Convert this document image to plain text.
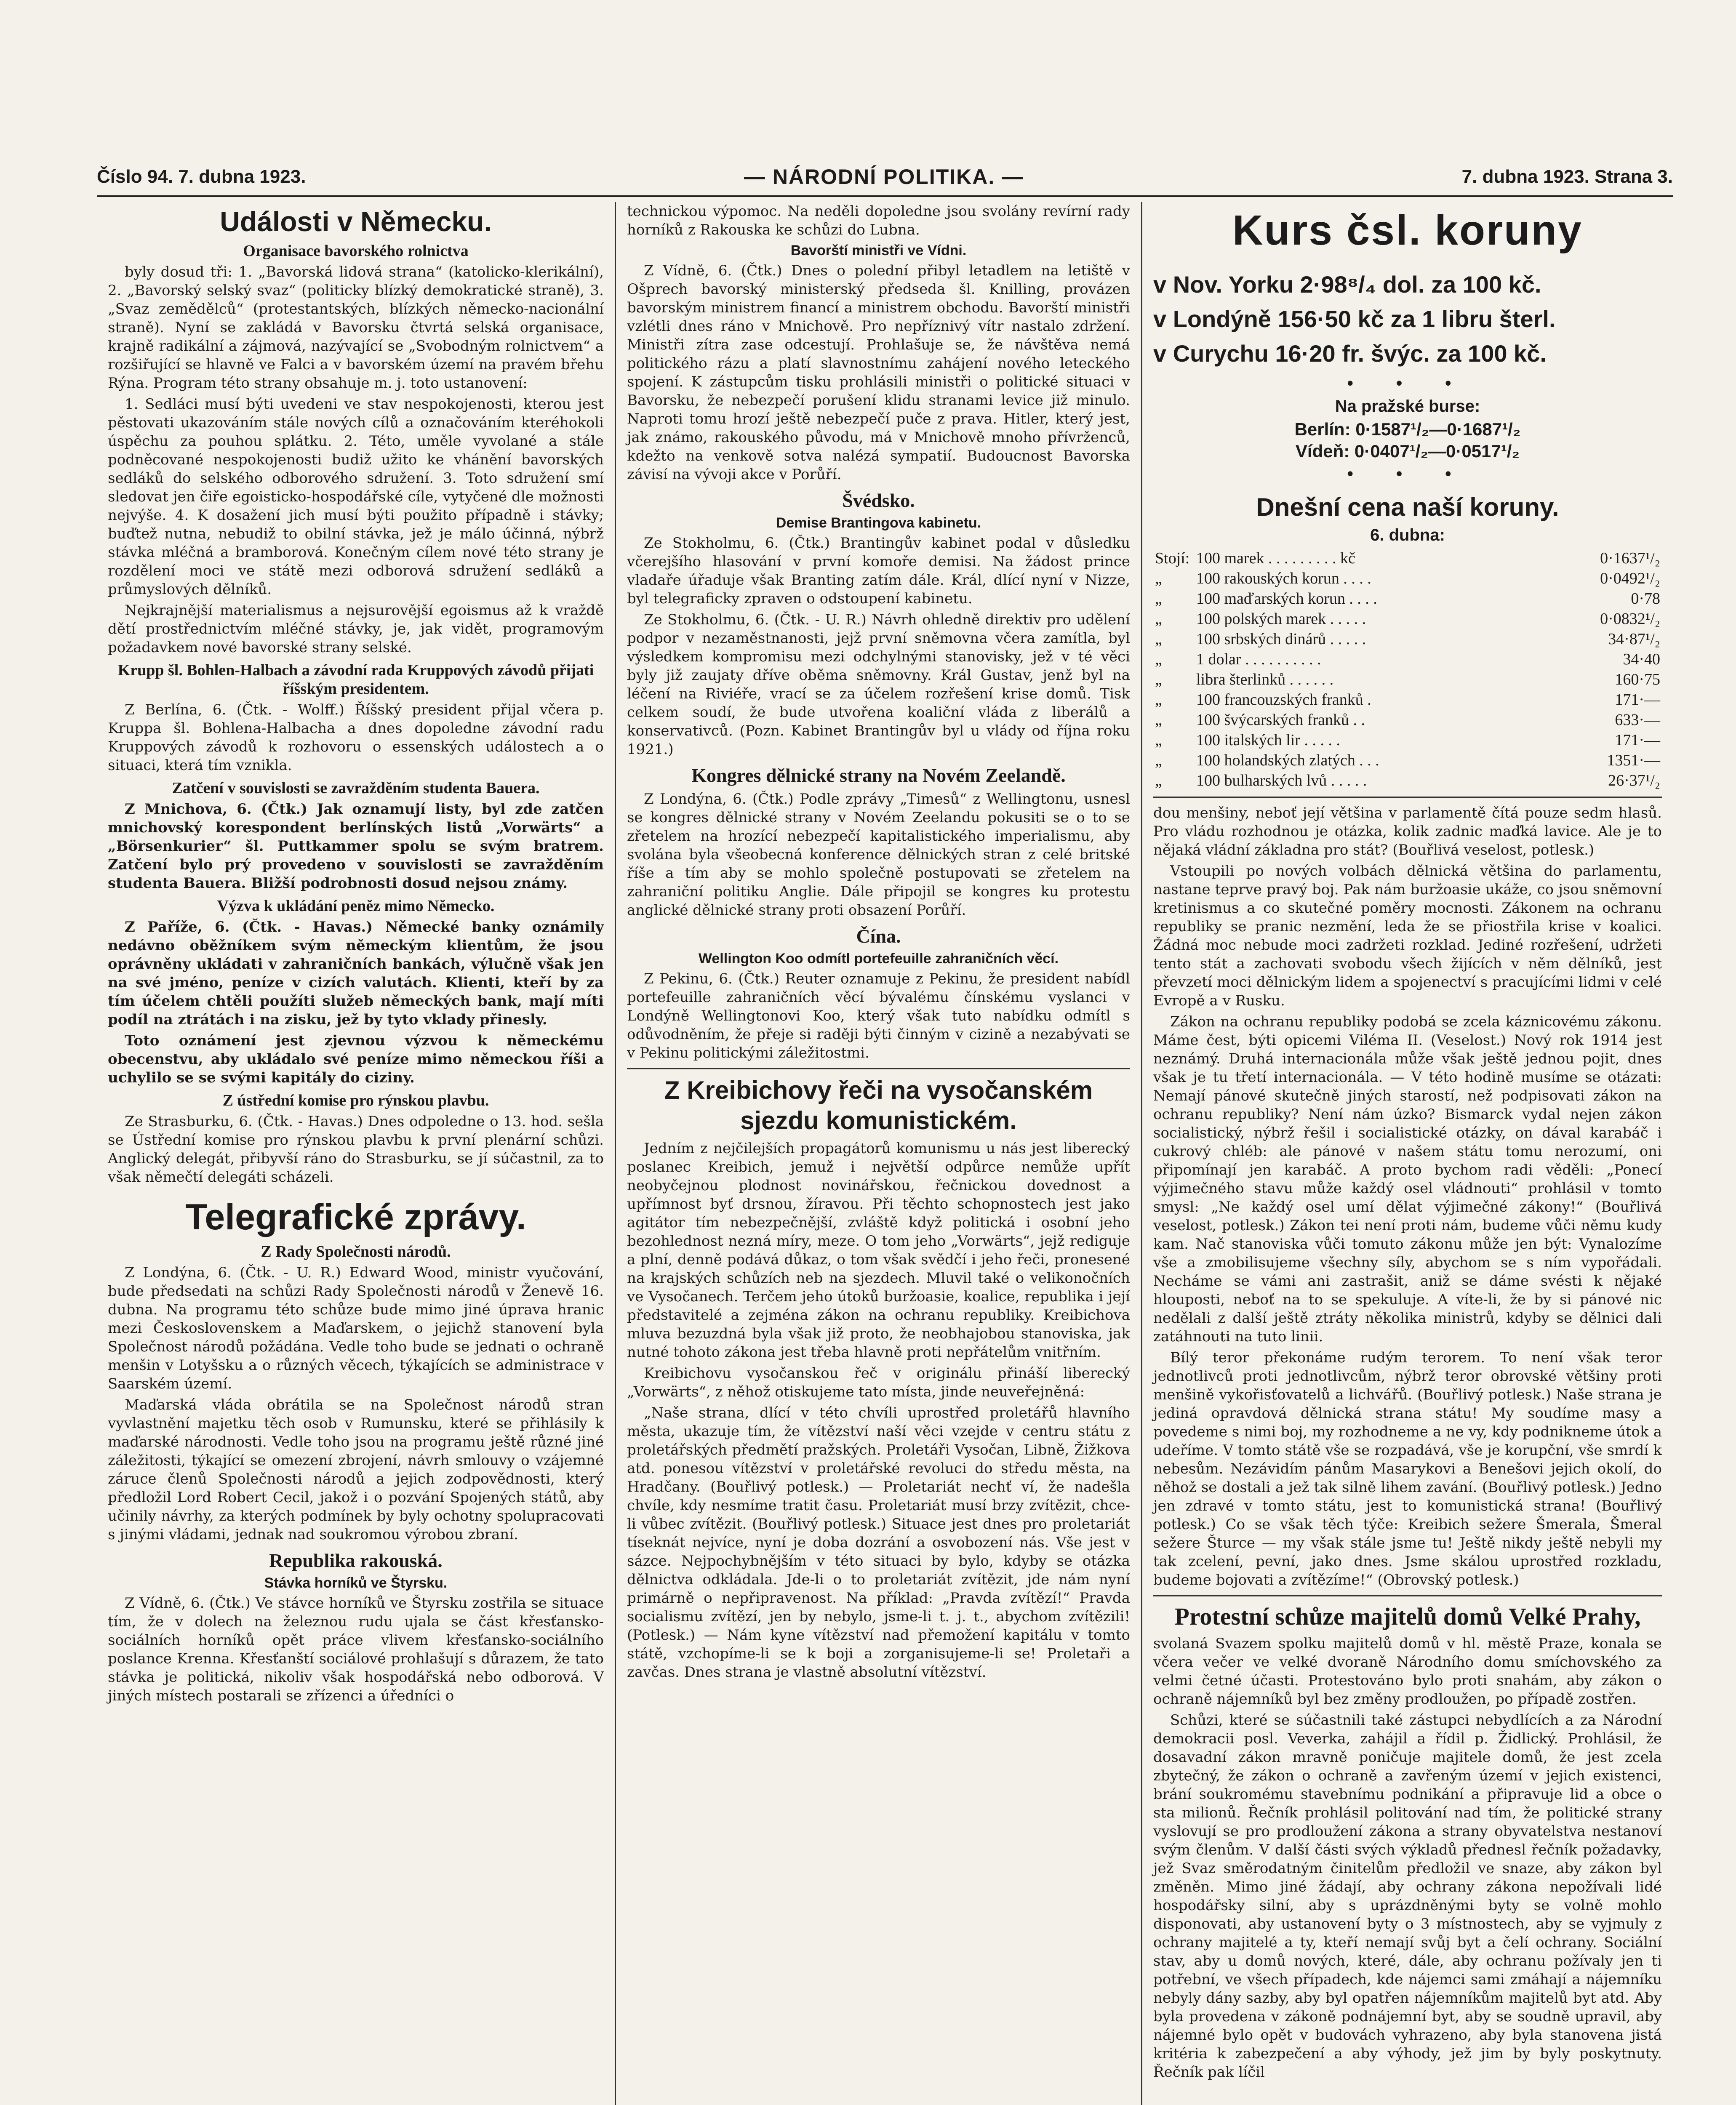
Číslo 94. 7. dubna 1923.	— NÁRODNÍ POLITIKA. —	7. dubna 1923. Strana 3.
Události v Německu.
Organisace bavorského rolnictva

byly dosud tři: 1. „Bavorská lidová strana“ (katolicko-klerikální), 2. „Bavorský selský svaz“ (politicky blízký demokratické straně), 3. „Svaz zemědělců“ (protestantských, blízkých německo-nacionální straně). Nyní se zakládá v Bavorsku čtvrtá selská organisace, krajně radikální a zájmová, nazývající se „Svobodným rolnictvem“ a rozšiřující se hlavně ve Falci a v bavorském území na pravém břehu Rýna. Program této strany obsahuje m. j. toto ustanovení:

1. Sedláci musí býti uvedeni ve stav nespokojenosti, kterou jest pěstovati ukazováním stále nových cílů a označováním kteréhokoli úspěchu za pouhou splátku. 2. Této, uměle vyvolané a stále podněcované nespokojenosti budiž užito ke vhánění bavorských sedláků do selského odborového sdružení. 3. Toto sdružení smí sledovat jen čiře egoisticko-hospodářské cíle, vytyčené dle možnosti nejvýše. 4. K dosažení jich musí býti použito případně i stávky; buďtež nutna, nebudiž to obilní stávka, jež je málo účinná, nýbrž stávka mléčná a bramborová. Konečným cílem nové této strany je rozdělení moci ve státě mezi odborová sdružení sedláků a průmyslových dělníků.

Nejkrajnější materialismus a nejsurovější egoismus až k vraždě dětí prostřednictvím mléčné stávky, je, jak vidět, programovým požadavkem nové bavorské strany selské.

Krupp šl. Bohlen-Halbach a závodní rada Kruppových závodů přijati říšským presidentem.

Z Berlína, 6. (Čtk. - Wolff.) Říšský president přijal včera p. Kruppa šl. Bohlena-Halbacha a dnes dopoledne závodní radu Kruppových závodů k rozhovoru o essenských událostech a o situaci, která tím vznikla.

Zatčení v souvislosti se zavražděním studenta Bauera.

Z Mnichova, 6. (Čtk.) Jak oznamují listy, byl zde zatčen mnichovský korespondent berlínských listů „Vorwärts“ a „Börsenkurier“ šl. Puttkammer spolu se svým bratrem. Zatčení bylo prý provedeno v souvislosti se zavražděním studenta Bauera. Bližší podrobnosti dosud nejsou známy.

Výzva k ukládání peněz mimo Německo.

Z Paříže, 6. (Čtk. - Havas.) Německé banky oznámily nedávno oběžníkem svým německým klientům, že jsou oprávněny ukládati v zahraničních bankách, výlučně však jen na své jméno, peníze v cizích valutách. Klienti, kteří by za tím účelem chtěli použíti služeb německých bank, mají míti podíl na ztrátách i na zisku, jež by tyto vklady přinesly.

Toto oznámení jest zjevnou výzvou k německému obecenstvu, aby ukládalo své peníze mimo německou říši a uchylilo se se svými kapitály do ciziny.

Z ústřední komise pro rýnskou plavbu.

Ze Strasburku, 6. (Čtk. - Havas.) Dnes odpoledne o 13. hod. sešla se Ústřední komise pro rýnskou plavbu k první plenární schůzi. Anglický delegát, přibyvší ráno do Strasburku, se jí súčastnil, za to však němečtí delegáti scházeli.

Telegrafické zprávy.
Z Rady Společnosti národů.

Z Londýna, 6. (Čtk. - U. R.) Edward Wood, ministr vyučování, bude předsedati na schůzi Rady Společnosti národů v Ženevě 16. dubna. Na programu této schůze bude mimo jiné úprava hranic mezi Československem a Maďarskem, o jejichž stanovení byla Společnost národů požádána. Vedle toho bude se jednati o ochraně menšin v Lotyšsku a o různých věcech, týkajících se administrace v Saarském území.

Maďarská vláda obrátila se na Společnost národů stran vyvlastnění majetku těch osob v Rumunsku, které se přihlásily k maďarské národnosti. Vedle toho jsou na programu ještě různé jiné záležitosti, týkající se omezení zbrojení, návrh smlouvy o vzájemné záruce členů Společnosti národů a jejich zodpovědnosti, který předložil Lord Robert Cecil, jakož i o pozvání Spojených států, aby učinily návrhy, za kterých podmínek by byly ochotny spolupracovati s jinými vládami, jednak nad soukromou výrobou zbraní.

Republika rakouská.
Stávka horníků ve Štyrsku.

Z Vídně, 6. (Čtk.) Ve stávce horníků ve Štyrsku zostřila se situace tím, že v dolech na železnou rudu ujala se část křesťansko-sociálních horníků opět práce vlivem křesťansko-sociálního poslance Krenna. Křesťanští sociálové prohlašují s důrazem, že tato stávka je politická, nikoliv však hospodářská nebo odborová. V jiných místech postarali se zřízenci a úředníci o

technickou výpomoc. Na neděli dopoledne jsou svolány revírní rady horníků z Rakouska ke schůzi do Lubna.

Bavorští ministři ve Vídni.

Z Vídně, 6. (Čtk.) Dnes o polední přibyl letadlem na letiště v Ošprech bavorský ministerský předseda šl. Knilling, provázen bavorským ministrem financí a ministrem obchodu. Bavorští ministři vzlétli dnes ráno v Mnichově. Pro nepříznivý vítr nastalo zdržení. Ministři zítra zase odcestují. Prohlašuje se, že návštěva nemá politického rázu a platí slavnostnímu zahájení nového leteckého spojení. K zástupcům tisku prohlásili ministři o politické situaci v Bavorsku, že nebezpečí porušení klidu stranami levice již minulo. Naproti tomu hrozí ještě nebezpečí puče z prava. Hitler, který jest, jak známo, rakouského původu, má v Mnichově mnoho přívrženců, kdežto na venkově sotva nalézá sympatií. Budoucnost Bavorska závisí na vývoji akce v Porůří.

Švédsko.
Demise Brantingova kabinetu.

Ze Stokholmu, 6. (Čtk.) Brantingův kabinet podal v důsledku včerejšího hlasování v první komoře demisi. Na žádost prince vladaře úřaduje však Branting zatím dále. Král, dlící nyní v Nizze, byl telegraficky zpraven o odstoupení kabinetu.

Ze Stokholmu, 6. (Čtk. - U. R.) Návrh ohledně direktiv pro udělení podpor v nezaměstnanosti, jejž první sněmovna včera zamítla, byl výsledkem kompromisu mezi odchylnými stanovisky, jež v té věci byly již zaujaty dříve oběma sněmovny. Král Gustav, jenž byl na léčení na Riviéře, vrací se za účelem rozřešení krise domů. Tisk celkem soudí, že bude utvořena koaliční vláda z liberálů a konservativců. (Pozn. Kabinet Brantingův byl u vlády od října roku 1921.)

Kongres dělnické strany na Novém Zeelandě.

Z Londýna, 6. (Čtk.) Podle zprávy „Timesů“ z Wellingtonu, usnesl se kongres dělnické strany v Novém Zeelandu pokusiti se o to se zřetelem na hrozící nebezpečí kapitalistického imperialismu, aby svolána byla všeobecná konference dělnických stran z celé britské říše a tím aby se mohlo společně postupovati se zřetelem na zahraniční politiku Anglie. Dále připojil se kongres ku protestu anglické dělnické strany proti obsazení Porůří.

Čína.
Wellington Koo odmítl portefeuille zahraničních věcí.

Z Pekinu, 6. (Čtk.) Reuter oznamuje z Pekinu, že president nabídl portefeuille zahraničních věcí bývalému čínskému vyslanci v Londýně Wellingtonovi Koo, který však tuto nabídku odmítl s odůvodněním, že přeje si raději býti činným v cizině a nezabývati se v Pekinu politickými záležitostmi.

Z Kreibichovy řeči na vysočanském sjezdu komunistickém.

Jedním z nejčilejších propagátorů komunismu u nás jest liberecký poslanec Kreibich, jemuž i největší odpůrce nemůže upřít neobyčejnou plodnost novinářskou, řečnickou dovednost a upřímnost byť drsnou, žíravou. Při těchto schopnostech jest jako agitátor tím nebezpečnější, zvláště když politická i osobní jeho bezohlednost nezná míry, meze. O tom jeho „Vorwärts“, jejž rediguje a plní, denně podává důkaz, o tom však svědčí i jeho řeči, pronesené na krajských schůzích neb na sjezdech. Mluvil také o velikonočních ve Vysočanech. Terčem jeho útoků buržoasie, koalice, republika i její představitelé a zejména zákon na ochranu republiky. Kreibichova mluva bezuzdná byla však již proto, že neobhajobou stanoviska, jak nutné tohoto zákona jest třeba hlavně proti nepřátelům vnitřním.

Kreibichovu vysočanskou řeč v originálu přináší liberecký „Vorwärts“, z něhož otiskujeme tato místa, jinde neuveřejněná:

„Naše strana, dlící v této chvíli uprostřed proletářů hlavního města, ukazuje tím, že vítězství naší věci vzejde v centru státu z proletářských předmětí pražských. Proletáři Vysočan, Libně, Žižkova atd. ponesou vítězství v proletářské revoluci do středu města, na Hradčany. (Bouřlivý potlesk.) — Proletariát nechť ví, že nadešla chvíle, kdy nesmíme tratit času. Proletariát musí brzy zvítězit, chce-li vůbec zvítězit. (Bouřlivý potlesk.) Situace jest dnes pro proletariát tíseknát nejvíce, nyní je doba dozrání a osvobození nás. Vše jest v sázce. Nejpochybnějším v této situaci by bylo, kdyby se otázka dělnictva odkládala. Jde-li o to proletariát zvítězit, jde nám nyní primárně o nepřipravenost. Na příklad: „Pravda zvítězí!“ Pravda socialismu zvítězí, jen by nebylo, jsme-li t. j. t., abychom zvítězili! (Potlesk.) — Nám kyne vítězství nad přemožení kapitálu v tomto státě, vzchopíme-li se k boji a zorganisujeme-li se! Proletaři a zavčas. Dnes strana je vlastně absolutní vítězství.

Kurs čsl. koruny
v Nov. Yorku 2·98⁸/₄ dol. za 100 kč.
v Londýně 156·50 kč za 1 libru šterl.
v Curychu 16·20 fr. švýc. za 100 kč.
• • •
Na pražské burse:
Berlín: 0·1587¹/₂—0·1687¹/₂
Vídeň: 0·0407¹/₂—0·0517¹/₂
• • •
Dnešní cena naší koruny.
6. dubna:
Stojí:	100 marek . . . . . . . . . kč	0·1637¹/₂
„	100 rakouských korun . . . .	0·0492¹/₂
„	100 maďarských korun . . . .	0·78
„	100 polských marek . . . . .	0·0832¹/₂
„	100 srbských dinárů . . . . .	34·87¹/₂
„	1 dolar . . . . . . . . . .	34·40
„	libra šterlinků . . . . . .	160·75
„	100 francouzských franků .	171·—
„	100 švýcarských franků . .	633·—
„	100 italských lir . . . . .	171·—
„	100 holandských zlatých . . .	1351·—
„	100 bulharských lvů . . . . .	26·37¹/₂

dou menšiny, neboť její většina v parlamentě čítá pouze sedm hlasů. Pro vládu rozhodnou je otázka, kolik zadnic maďká lavice. Ale je to nějaká vládní základna pro stát? (Bouřlivá veselost, potlesk.)

Vstoupili po nových volbách dělnická většina do parlamentu, nastane teprve pravý boj. Pak nám buržoasie ukáže, co jsou sněmovní kretinismus a co skutečné poměry mocnosti. Zákonem na ochranu republiky se pranic nezmění, leda že se přiostřila krise v koalici. Žádná moc nebude moci zadržeti rozklad. Jediné rozřešení, udržeti tento stát a zachovati svobodu všech žijících v něm dělníků, jest převzetí moci dělnickým lidem a spojenectví s pracujícími lidmi v celé Evropě a v Rusku.

Zákon na ochranu republiky podobá se zcela káznicovému zákonu. Máme čest, býti opicemi Viléma II. (Veselost.) Nový rok 1914 jest neznámý. Druhá internacionála může však ještě jednou pojit, dnes však je tu třetí internacionála. — V této hodině musíme se otázati: Nemají pánové skutečně jiných starostí, než podpisovati zákon na ochranu republiky? Není nám úzko? Bismarck vydal nejen zákon socialistický, nýbrž řešil i socialistické otázky, on dával karabáč i cukrový chléb: ale pánové v našem státu tomu nerozumí, oni připomínají jen karabáč. A proto bychom radi věděli: „Ponecí výjimečného stavu může každý osel vládnouti“ prohlásil v tomto smysl: „Ne každý osel umí dělat výjimečné zákony!“ (Bouřlivá veselost, potlesk.) Zákon tei není proti nám, budeme vůči němu kudy kam. Nač stanoviska vůči tomuto zákonu může jen být: Vynalozíme vše a zmobilisujeme všechny síly, abychom se s ním vypořádali. Necháme se vámi ani zastrašit, aniž se dáme svésti k nějaké hlouposti, neboť na to se spekuluje. A víte-li, že by si pánové nic nedělali z další ještě ztráty několika ministrů, kdyby se dělnici dali zatáhnouti na tuto linii.

Bílý teror překonáme rudým terorem. To není však teror jednotlivců proti jednotlivcům, nýbrž teror obrovské většiny proti menšině vykořisťovatelů a lichvářů. (Bouřlivý potlesk.) Naše strana je jediná opravdová dělnická strana státu! My soudíme masy a povedeme s nimi boj, my rozhodneme a ne vy, kdy podnikneme útok a udeříme. V tomto státě vše se rozpadává, vše je korupční, vše smrdí k nebesům. Nezávidím pánům Masarykovi a Benešovi jejich okolí, do něhož se dostali a jež tak silně lihem zavání. (Bouřlivý potlesk.) Jedno jen zdravé v tomto státu, jest to komunistická strana! (Bouřlivý potlesk.) Co se však těch týče: Kreibich sežere Šmerala, Šmeral sežere Šturce — my však stále jsme tu! Ještě nikdy ještě nebyli my tak zcelení, pevní, jako dnes. Jsme skálou uprostřed rozkladu, budeme bojovati a zvítězíme!“ (Obrovský potlesk.)

Protestní schůze majitelů domů Velké Prahy,

svolaná Svazem spolku majitelů domů v hl. městě Praze, konala se včera večer ve velké dvoraně Národního domu smíchovského za velmi četné účasti. Protestováno bylo proti snahám, aby zákon o ochraně nájemníků byl bez změny prodloužen, po případě zostřen.

Schůzi, které se súčastnili také zástupci nebydlících a za Národní demokracii posl. Veverka, zahájil a řídil p. Židlický. Prohlásil, že dosavadní zákon mravně poničuje majitele domů, že jest zcela zbytečný, že zákon o ochraně a zavřeným území v jejich existenci, brání soukromému stavebnímu podnikání a připravuje lid a obce o sta milionů. Řečník prohlásil politování nad tím, že politické strany vyslovují se pro prodloužení zákona a strany obyvatelstva nestanoví svým členům. V další části svých výkladů přednesl řečník požadavky, jež Svaz směrodatným činitelům předložil ve snaze, aby zákon byl změněn. Mimo jiné žádají, aby ochrany zákona nepožívali lidé hospodářsky silní, aby s uprázdněnými byty se volně mohlo disponovati, aby ustanovení byty o 3 místnostech, aby se vyjmuly z ochrany majitelé a ty, kteří nemají svůj byt a čelí ochrany. Sociální stav, aby u domů nových, které, dále, aby ochranu požívaly jen ti potřební, ve všech případech, kde nájemci sami zmáhají a nájemníku nebyly dány sazby, aby byl opatřen nájemníkům majitelů byt atd. Aby byla provedena v zákoně podnájemní byt, aby se soudně upravil, aby nájemné bylo opět v budovách vyhrazeno, aby byla stanovena jistá kritéria k zabezpečení a aby výhody, jež jim by byly poskytnuty. Řečník pak líčil
